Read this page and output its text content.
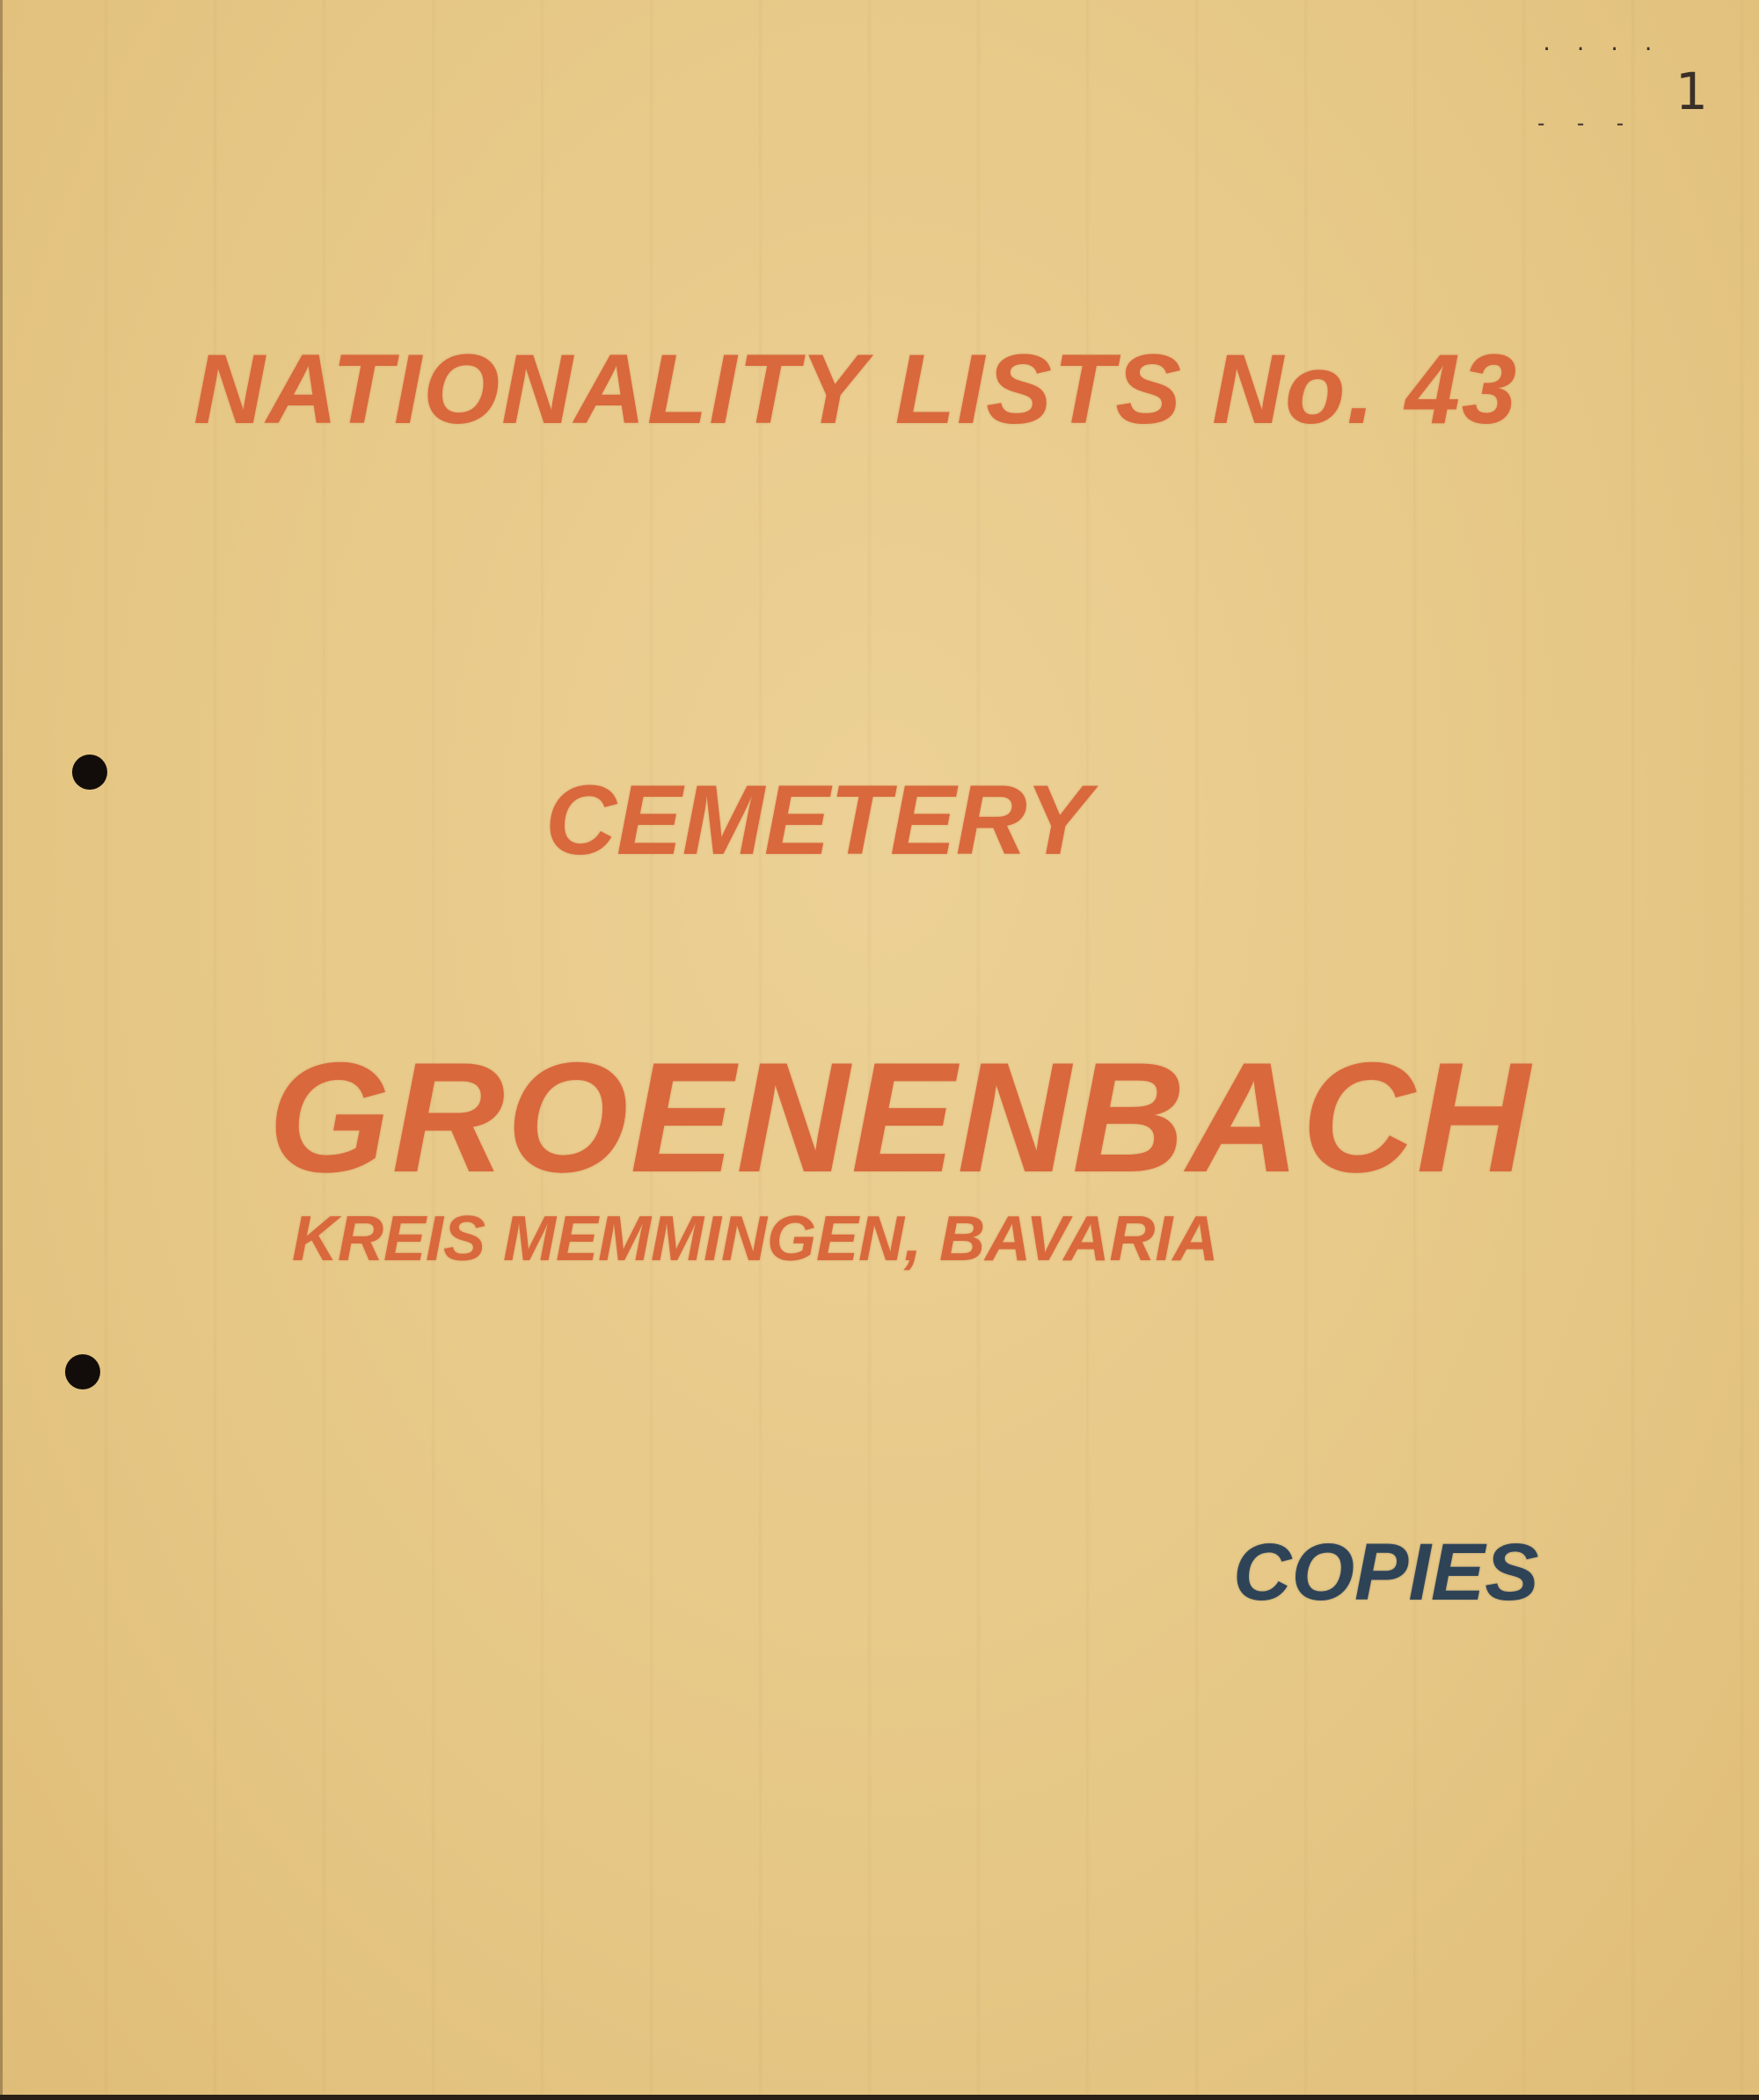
. . . .
- - -
1
NATIONALITY LISTS No. 43
CEMETERY
GROENENBACH
KREIS MEMMINGEN, BAVARIA
COPIES
